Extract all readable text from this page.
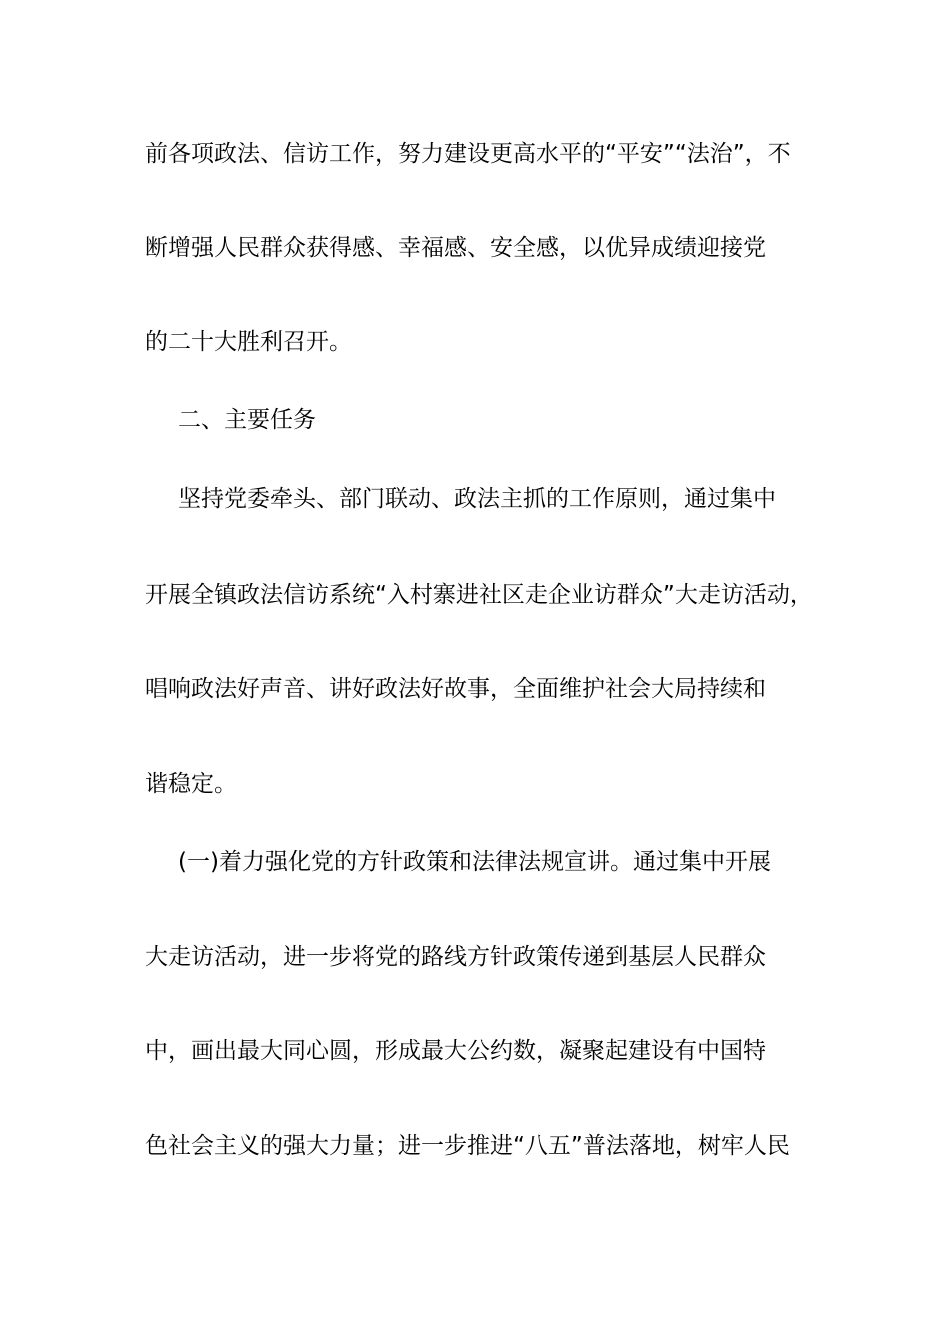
前各项政法、信访工作，努力建设更高水平的“平安”“法治”，不
断增强人民群众获得感、幸福感、安全感，以优异成绩迎接党
的二十大胜利召开。
二、主要任务
坚持党委牵头、部门联动、政法主抓的工作原则，通过集中
开展全镇政法信访系统“入村寨进社区走企业访群众”大走访活动，
唱响政法好声音、讲好政法好故事，全面维护社会大局持续和
谐稳定。
(一)着力强化党的方针政策和法律法规宣讲。通过集中开展
大走访活动，进一步将党的路线方针政策传递到基层人民群众
中，画出最大同心圆，形成最大公约数，凝聚起建设有中国特
色社会主义的强大力量；进一步推进“八五”普法落地，树牢人民
